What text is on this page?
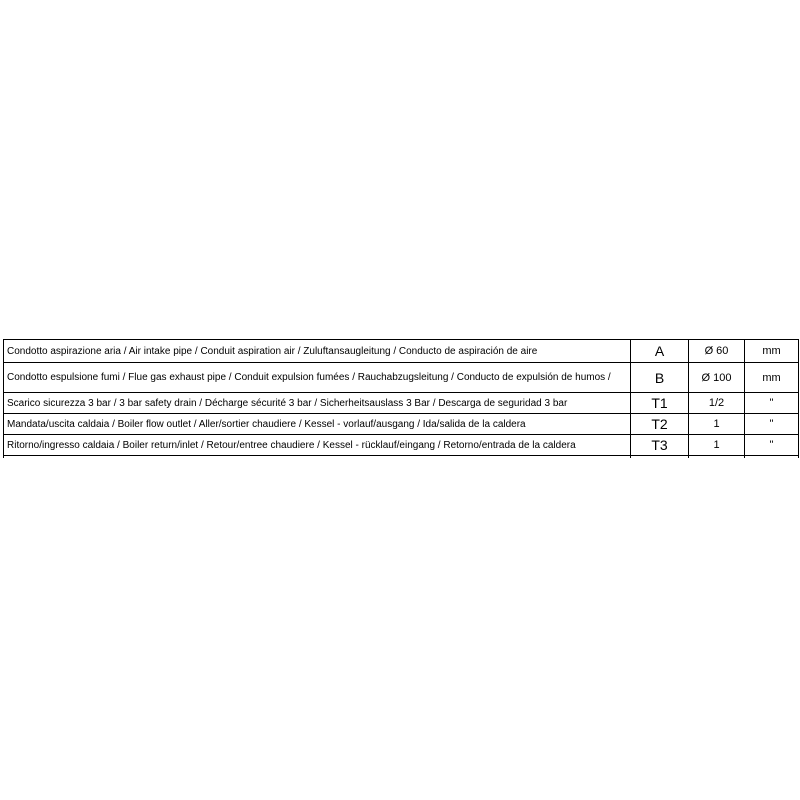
Condotto aspirazione aria / Air intake pipe / Conduit aspiration air / Zuluftansaugleitung / Conducto de aspiración de aire	A	Ø 60	mm
Condotto espulsione fumi / Flue gas exhaust pipe / Conduit expulsion fumées / Rauchabzugsleitung / Conducto de expulsión de humos /	B	Ø 100	mm
Scarico sicurezza 3 bar / 3 bar safety drain / Décharge sécurité 3 bar / Sicherheitsauslass 3 Bar / Descarga de seguridad 3 bar	T1	1/2	"
Mandata/uscita caldaia / Boiler flow outlet / Aller/sortier chaudiere / Kessel - vorlauf/ausgang / Ida/salida de la caldera	T2	1	"
Ritorno/ingresso caldaia / Boiler return/inlet / Retour/entree chaudiere / Kessel - rücklauf/eingang / Retorno/entrada de la caldera	T3	1	"
